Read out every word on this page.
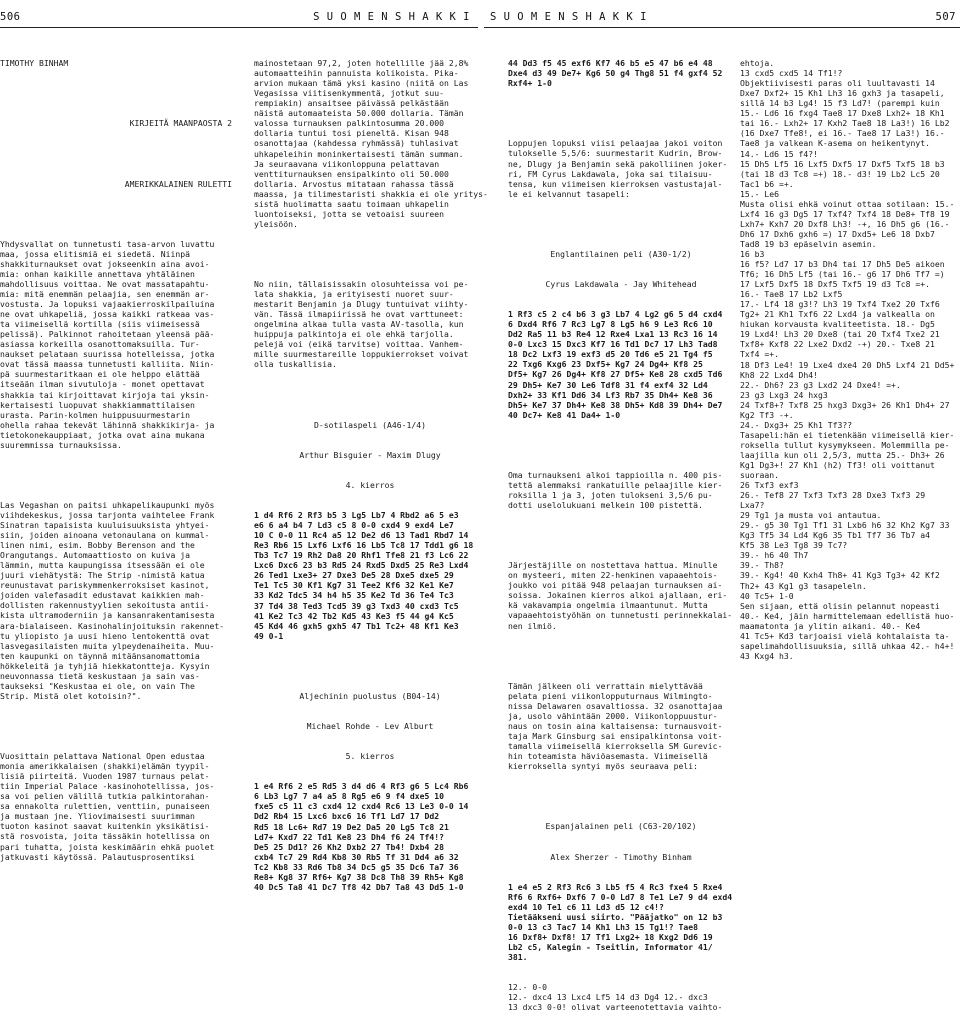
506	S U O M E N S H A K K I S U O M E N S H A K K I	507

TIMOTHY BINHAM

KIRJEITÄ MAANPAOSTA 2

AMERIKKALAINEN RULETTI

Yhdysvallat on tunnetusti tasa-arvon luvattu
maa, jossa elitismiä ei siedetä. Niinpä
shakkiturnaukset ovat jokseenkin aina avoi-
mia: onhan kaikille annettava yhtäläinen
mahdollisuus voittaa. Ne ovat massatapahtu-
mia: mitä enemmän pelaajia, sen enemmän ar-
vostusta. Ja lopuksi vajaakierroskilpailuina
ne ovat uhkapeliä, jossa kaikki ratkeaa vas-
ta viimeisellä kortilla (siis viimeisessä
pelissä). Palkinnot rahoitetaan yleensä pää-
asiassa korkeilla osanottomaksuilla. Tur-
naukset pelataan suurissa hotelleissa, jotka
ovat tässä maassa tunnetusti kalliita. Niin-
pä suurmestaritkaan ei ole helppo elättää
itseään ilman sivutuloja - monet opettavat
shakkia tai kirjoittavat kirjoja tai yksin-
kertaisesti luopuvat shakkiammattilaisen
urasta. Parin-kolmen huippusuurmestarin
ohella rahaa tekevät lähinnä shakkikirja- ja
tietokonekauppiaat, jotka ovat aina mukana
suuremmissa turnauksissa.

Las Vegashan on paitsi uhkapelikaupunki myös
viihdekeskus, jossa tarjonta vaihtelee Frank
Sinatran tapaisista kuuluisuuksista yhtyei-
siin, joiden ainoana vetonaulana on kummal-
linen nimi, esim. Bobby Berenson and the
Orangutangs. Automaattiosto on kuiva ja
lämmin, mutta kaupungissa itsessään ei ole
juuri viehätystä: The Strip -nimistä katua
reunustavat pariskymmenkerroksiset kasinot,
joiden valefasadit edustavat kaikkien mah-
dollisten rakennustyylien sekoitusta antii-
kista ultramoderniin ja kansanrakentamisesta
ara-bialaiseen. Kasinohalinjoituksin rakennet-
tu yliopisto ja uusi hieno lentokenttä ovat
lasvegasilaisten muita ylpeydenaiheita. Muu-
ten kaupunki on täynnä mitäänsanomattomia
hökkeleitä ja tyhjiä hiekkatontteja. Kysyin
neuvonnassa tietä keskustaan ja sain vas-
taukseksi "Keskustaa ei ole, on vain The
Strip. Mistä olet kotoisin?".

Vuosittain pelattava National Open edustaa
monia amerikkalaisen (shakki)elämän tyypil-
lisiä piirteitä. Vuoden 1987 turnaus pelat-
tiin Imperial Palace -kasinohotellissa, jos-
sa voi pelien välillä tutkia palkintorahan-
sa ennakolta rulettien, venttiin, punaiseen
ja mustaan jne. Yliovimaisesti suurimman
tuoton kasinot saavat kuitenkin yksikätisi-
stä rosvoista, joita tässäkin hotellissa on
pari tuhatta, joista keskimäärin ehkä puolet
jatkuvasti käytössä. Palautusprosentiksi

mainostetaan 97,2, joten hotellille jää 2,8%
automaatteihin pannuista kolikoista. Pika-
arvion mukaan tämä yksi kasino (niitä on Las
Vegasissa viitisenkymmentä, jotkut suu-
rempiakin) ansaitsee päivässä pelkästään
näistä automaateista 50.000 dollaria. Tämän
valossa turnauksen palkintosumma 20.000
dollaria tuntui tosi pieneltä. Kisan 948
osanottajaa (kahdessa ryhmässä) tuhlasivat
uhkapeleihin moninkertaisesti tämän summan.
Ja seuraavana viikonloppuna pelattavan
venttiturnauksen ensipalkinto oli 50.000
dollaria. Arvostus mitataan rahassa tässä
maassa, ja tilimestaristi shakkia ei ole yritys-
sistä huolimatta saatu toimaan uhkapelin
luontoiseksi, jotta se vetoaisi suureen
yleisöön.

No niin, tällaisissakin olosuhteissa voi pe-
lata shakkia, ja erityisesti nuoret suur-
mestarit Benjamin ja Dlugy tuntuivat viihty-
vän. Tässä ilmapiirissä he ovat varttuneet:
ongelmina alkaa tulla vasta AV-tasolla, kun
huippuja palkintoja ei ole ehkä tarjolla.
pelejä voi (eikä tarvitse) voittaa. Vanhem-
mille suurmestareille loppukierrokset voivat
olla tuskallisia.

D-sotilaspeli (A46-1/4)

Arthur Bisguier - Maxim Dlugy

4. kierros

1 d4 Rf6 2 Rf3 b5 3 Lg5 Lb7 4 Rbd2 a6 5 e3
e6 6 a4 b4 7 Ld3 c5 8 0-0 cxd4 9 exd4 Le7
10 C 0-0 11 Rc4 a5 12 De2 d6 13 Tad1 Rbd7 14
Re3 Rb6 15 Lxf6 Lxf6 16 Lb5 Tc8 17 Tdd1 g6 18
Tb3 Tc7 19 Rh2 Da8 20 Rhf1 Tfe8 21 f3 Lc6 22
Lxc6 Dxc6 23 b3 Rd5 24 Rxd5 Dxd5 25 Re3 Lxd4
26 Ted1 Lxe3+ 27 Dxe3 De5 28 Dxe5 dxe5 29
Te1 Tc5 30 Kf1 Kg7 31 Tee2 Kf6 32 Ke1 Ke7
33 Kd2 Tdc5 34 h4 h5 35 Ke2 Td 36 Te4 Tc3
37 Td4 38 Ted3 Tcd5 39 g3 Txd3 40 cxd3 Tc5
41 Ke2 Tc3 42 Tb2 Kd5 43 Ke3 f5 44 g4 Kc5
45 Kd4 46 gxh5 gxh5 47 Tb1 Tc2+ 48 Kf1 Ke3
49 0-1

Aljechinin puolustus (B04-14)

Michael Rohde - Lev Alburt

5. kierros

1 e4 Rf6 2 e5 Rd5 3 d4 d6 4 Rf3 g6 5 Lc4 Rb6
6 Lb3 Lg7 7 a4 a5 8 Rg5 e6 9 f4 dxe5 10
fxe5 c5 11 c3 cxd4 12 cxd4 Rc6 13 Le3 0-0 14
Dd2 Rb4 15 Lxc6 bxc6 16 Tf1 Ld7 17 Dd2
Rd5 18 Lc6+ Rd7 19 De2 Da5 20 Lg5 Tc8 21
Ld7+ Kxd7 22 Td1 Ke8 23 Dh4 f6 24 Tf4!?
De5 25 Dd1? 26 Kh2 Dxb2 27 Tb4! Dxb4 28
cxb4 Tc7 29 Rd4 Kb8 30 Rb5 Tf 31 Dd4 a6 32
Tc2 Kb8 33 Rd6 Tb8 34 Dc5 g5 35 Dc6 Ta7 36
Re8+ Kg8 37 Rf6+ Kg7 38 Dc8 Th8 39 Rh5+ Kg8
40 Dc5 Ta8 41 Dc7 Tf8 42 Db7 Ta8 43 Dd5 1-0

44 Dd3 f5 45 exf6 Kf7 46 b5 e5 47 b6 e4 48
Dxe4 d3 49 De7+ Kg6 50 g4 Thg8 51 f4 gxf4 52
Rxf4+ 1-0

Loppujen lopuksi viisi pelaajaa jakoi voiton
tulokselle 5,5/6: suurmestarit Kudrin, Brow-
ne, Dlugy ja Benjamin sekä pakolliinen joker-
ri, FM Cyrus Lakdawala, joka sai tilaisuu-
tensa, kun viimeisen kierroksen vastustajal-
le ei kelvannut tasapeli:

Englantilainen peli (A30-1/2)

Cyrus Lakdawala - Jay Whitehead

1 Rf3 c5 2 c4 b6 3 g3 Lb7 4 Lg2 g6 5 d4 cxd4
6 Dxd4 Rf6 7 Rc3 Lg7 8 Lg5 h6 9 Le3 Rc6 10
Dd2 Ra5 11 b3 Re4 12 Rxe4 Lxa1 13 Rc3 16 14
0-0 Lxc3 15 Dxc3 Kf7 16 Td1 Dc7 17 Lh3 Tad8
18 Dc2 Lxf3 19 exf3 d5 20 Td6 e5 21 Tg4 f5
22 Txg6 Kxg6 23 Dxf5+ Kg7 24 Dg4+ Kf8 25
Df5+ Kg7 26 Dg4+ Kf8 27 Df5+ Ke8 28 cxd5 Td6
29 Dh5+ Ke7 30 Le6 Tdf8 31 f4 exf4 32 Ld4
Dxh2+ 33 Kf1 Dd6 34 Lf3 Rb7 35 Dh4+ Ke8 36
Dh5+ Ke7 37 Dh4+ Ke8 38 Dh5+ Kd8 39 Dh4+ De7
40 Dc7+ Ke8 41 Da4+ 1-0

Oma turnaukseni alkoi tappioilla n. 400 pis-
tettä alemmaksi rankatuille pelaajille kier-
roksilla 1 ja 3, joten tulokseni 3,5/6 pu-
dotti uselolukuani melkein 100 pistettä.

Järjestäjille on nostettava hattua. Minulle
on mysteeri, miten 22-henkinen vapaaehtois-
joukko voi pitää 948 pelaajan turnauksen ai-
soissa. Jokainen kierros alkoi ajallaan, eri-
kä vakavampia ongelmia ilmaantunut. Mutta
vapaaehtoistyöhän on tunnetusti perinnekkalai-
nen ilmiö.

Tämän jälkeen oli verrattain mielyttävää
pelata pieni viikonlopputurnaus Wilmingto-
nissa Delawaren osavaltiossa. 32 osanottajaa
ja, usolo vähintään 2000. Viikonloppuustur-
naus on tosin aina kaltaisensa: turnausvoit-
taja Mark Ginsburg sai ensipalkintonsa voit-
tamalla viimeisellä kierroksella SM Gurevic-
hin toteamista häviöasemasta. Viimeisellä
kierroksella syntyi myös seuraava peli:

Espanjalainen peli (C63-20/102)

Alex Sherzer - Timothy Binham

1 e4 e5 2 Rf3 Rc6 3 Lb5 f5 4 Rc3 fxe4 5 Rxe4
Rf6 6 Rxf6+ Dxf6 7 0-0 Ld7 8 Te1 Le7 9 d4 exd4
exd4 10 Te1 c6 11 Ld3 d5 12 c4!?
Tietääkseni uusi siirto. "Pääjatko" on 12 b3
0-0 13 c3 Tac7 14 Kh1 Lh3 15 Tg1!? Tae8
16 Dxf8+ Dxf8! 17 Tf1 Lxg2+ 18 Kxg2 Dd6 19
Lb2 c5, Kalegin - Tseitlin, Informator 41/
381.

12.- 0-0
12.- dxc4 13 Lxc4 Lf5 14 d3 Dg4 12.- dxc3
13 dxc3 0-0! olivat varteenotettavia vaihto-

ehtoja.
13 cxd5 cxd5 14 Tf1!?
Objektiivisesti paras oli luultavasti 14
Dxe7 Dxf2+ 15 Kh1 Lh3 16 gxh3 ja tasapeli,
sillä 14 b3 Lg4! 15 f3 Ld7! (parempi kuin
15.- Ld6 16 fxg4 Tae8 17 Dxe8 Lxh2+ 18 Kh1
tai 16.- Lxh2+ 17 Kxh2 Tae8 18 La3!) 16 Lb2
(16 Dxe7 Tfe8!, ei 16.- Tae8 17 La3!) 16.-
Tae8 ja valkean K-asema on heikentynyt.
14.- Ld6 15 f4?!
15 Dh5 Lf5 16 Lxf5 Dxf5 17 Dxf5 Txf5 18 b3
(tai 18 d3 Tc8 =+) 18.- d3! 19 Lb2 Lc5 20
Tac1 b6 =+.
15.- Le6
Musta olisi ehkä voinut ottaa sotilaan: 15.-
Lxf4 16 g3 Dg5 17 Txf4? Txf4 18 De8+ Tf8 19
Lxh7+ Kxh7 20 Dxf8 Lh3! -+, 16 Dh5 g6 (16.-
Dh6 17 Dxh6 gxh6 =) 17 Dxd5+ Le6 18 Dxb7
Tad8 19 b3 epäselvin asemin.
16 b3
16 f5? Ld7 17 b3 Dh4 tai 17 Dh5 De5 aikoen
Tf6; 16 Dh5 Lf5 (tai 16.- g6 17 Dh6 Tf7 =)
17 Lxf5 Dxf5 18 Dxf5 Txf5 19 d3 Tc8 =+.
16.- Tae8 17 Lb2 Lxf5
17.- Lf4 18 g3!? Lh3 19 Txf4 Txe2 20 Txf6
Tg2+ 21 Kh1 Txf6 22 Lxd4 ja valkealla on
hiukan korvausta kvaliteetista. 18.- Dg5
19 Lxd4! Lh3 20 Dxe8 (tai 20 Txf4 Txe2 21
Txf8+ Kxf8 22 Lxe2 Dxd2 -+) 20.- Txe8 21
Txf4 =+.
18 Df3 Le4! 19 Lxe4 dxe4 20 Dh5 Lxf4 21 Dd5+
Kh8 22 Lxd4 Dh4!
22.- Dh6? 23 g3 Lxd2 24 Dxe4! =+.
23 g3 Lxg3 24 hxg3
24 Txf8+? Txf8 25 hxg3 Dxg3+ 26 Kh1 Dh4+ 27
Kg2 Tf3 -+.
24.- Dxg3+ 25 Kh1 Tf3??
Tasapeli:hän ei tietenkään viimeisellä kier-
roksella tullut kysymykseen. Molemmilla pe-
laajilla kun oli 2,5/3, mutta 25.- Dh3+ 26
Kg1 Dg3+! 27 Kh1 (h2) Tf3! oli voittanut
suoraan.
26 Txf3 exf3
26.- Tef8 27 Txf3 Txf3 28 Dxe3 Txf3 29
Lxa7?
29 Tg1 ja musta voi antautua.
29.- g5 30 Tg1 Tf1 31 Lxb6 h6 32 Kh2 Kg7 33
Kg3 Tf5 34 Ld4 Kg6 35 Tb1 Tf7 36 Tb7 a4
Kf5 38 Le3 Tg8 39 Tc7?
39.- h6 40 Th7
39.- Th8?
39.- Kg4! 40 Kxh4 Th8+ 41 Kg3 Tg3+ 42 Kf2
Th2+ 43 Kg1 g3 tasapeleln.
40 Tc5+ 1-0
Sen sijaan, että olisin pelannut nopeasti
40.- Ke4, jäin harmittelemaan edellistä huo-
maamatonta ja ylitin aikani. 40.- Ke4
41 Tc5+ Kd3 tarjoaisi vielä kohtalaista ta-
sapelimahdollisuuksia, sillä uhkaa 42.- h4+!
43 Kxg4 h3.
